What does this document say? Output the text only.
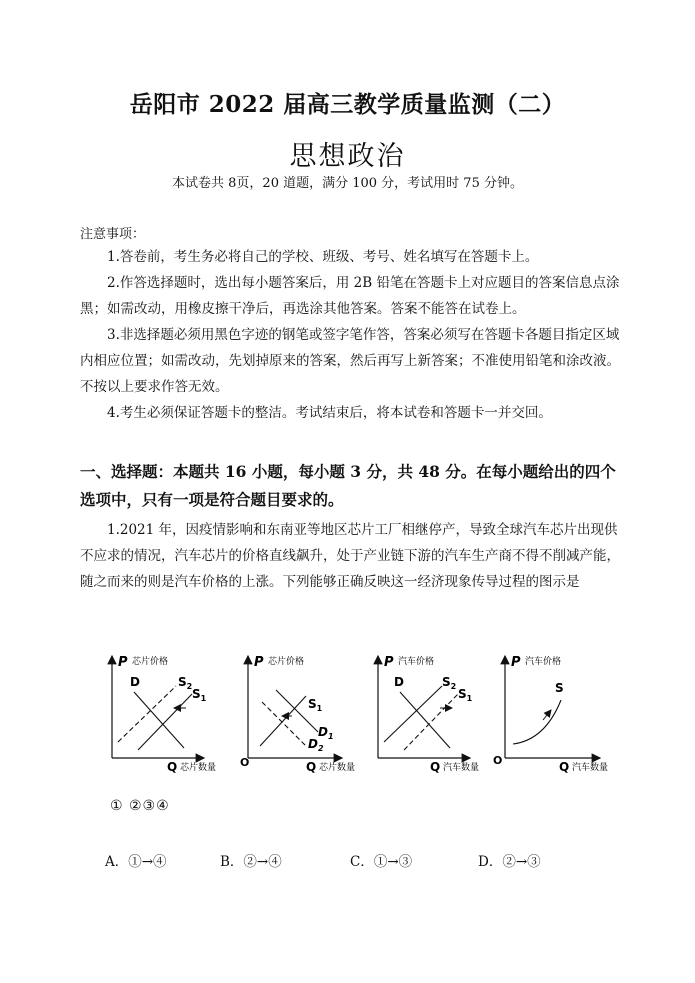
岳阳市 2022 届高三教学质量监测（二）
思想政治
本试卷共 8页，20 道题，满分 100 分，考试用时 75 分钟。
注意事项：
1.答卷前，考生务必将自己的学校、班级、考号、姓名填写在答题卡上。
2.作答选择题时，选出每小题答案后，用 2B 铅笔在答题卡上对应题目的答案信息点涂黑；如需改动，用橡皮擦干净后，再选涂其他答案。答案不能答在试卷上。
3.非选择题必须用黑色字迹的钢笔或签字笔作答，答案必须写在答题卡各题目指定区域内相应位置；如需改动，先划掉原来的答案，然后再写上新答案；不准使用铅笔和涂改液。不按以上要求作答无效。
4.考生必须保证答题卡的整洁。考试结束后，将本试卷和答题卡一并交回。
一、选择题：本题共 16 小题，每小题 3 分，共 48 分。在每小题给出的四个选项中，只有一项是符合题目要求的。
1.2021 年，因疫情影响和东南亚等地区芯片工厂相继停产，导致全球汽车芯片出现供不应求的情况，汽车芯片的价格直线飙升，处于产业链下游的汽车生产商不得不削减产能，随之而来的则是汽车价格的上涨。下列能够正确反映这一经济现象传导过程的图示是
P 芯片价格
Q 芯片数量
D	$S_2$
$S_1$
O
P 芯片价格
Q 芯片数量
$S_1$
$D_1$
$D_2$
P 汽车价格
Q 汽车数量
D	$S_2$
$S_1$
O
P 汽车价格
Q 汽车数量
S
① ②③④
A．①→④	B．②→④	C．①→③	D．②→③
